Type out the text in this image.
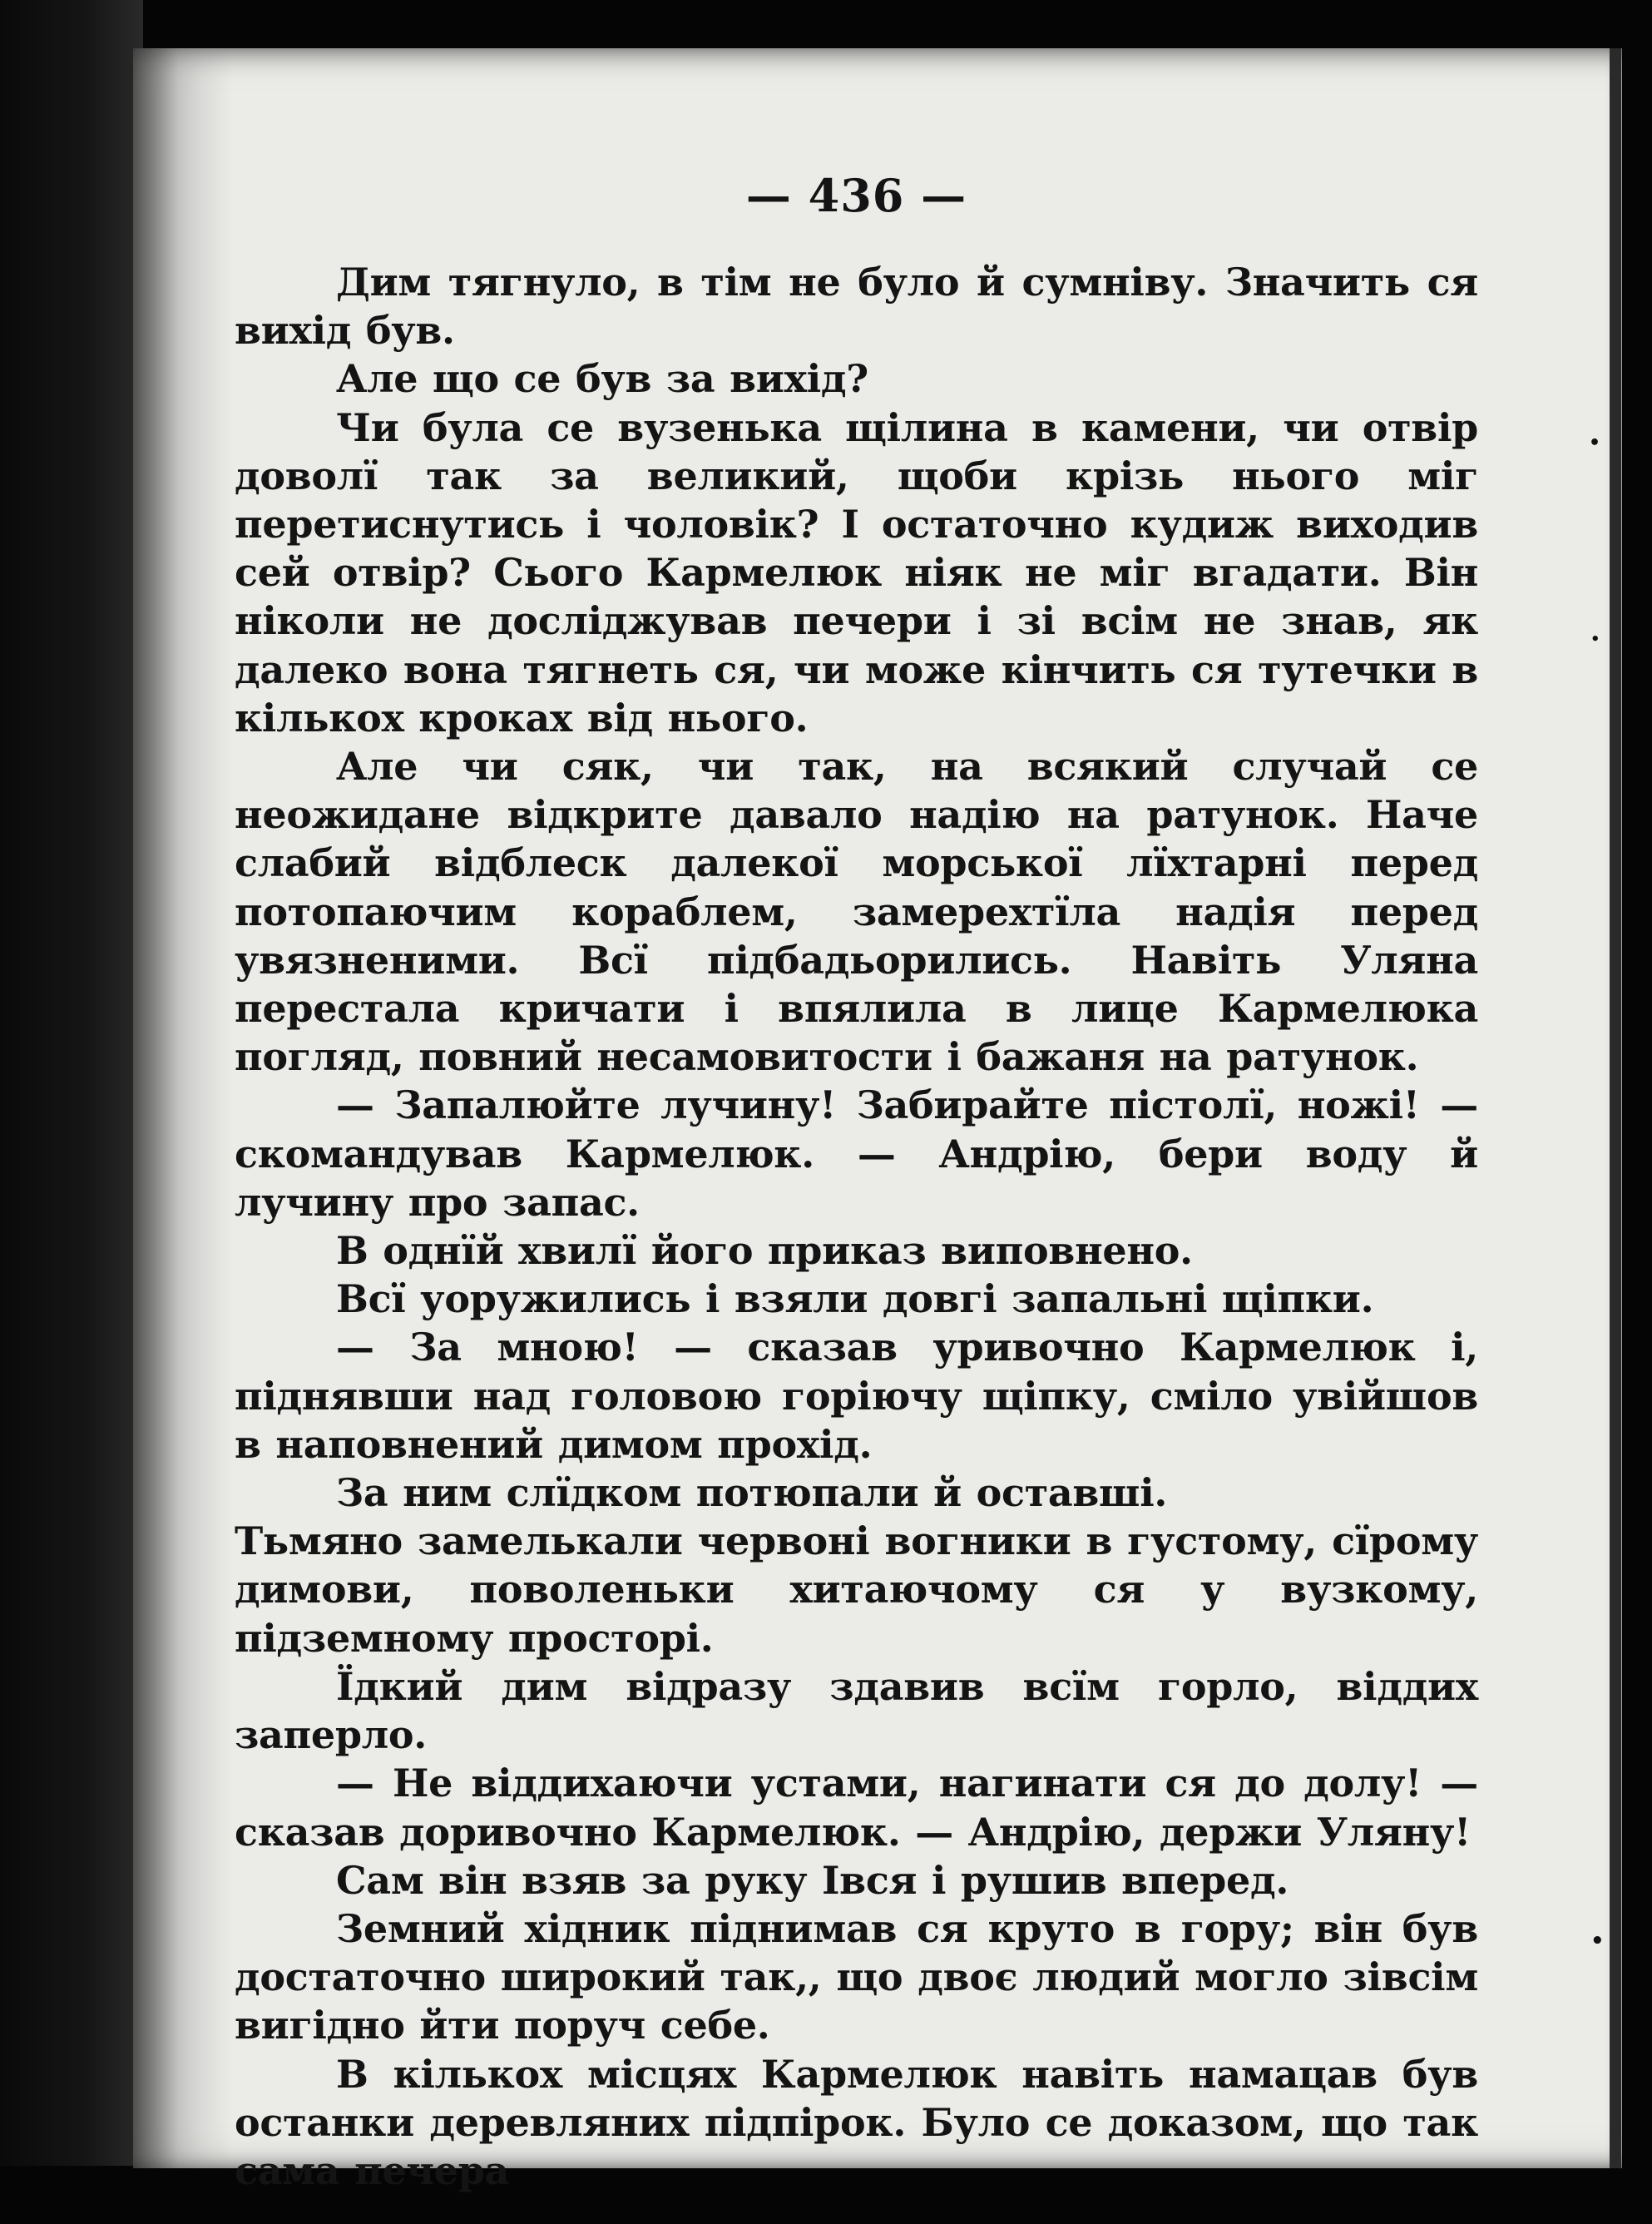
•
•
•
— 436 —

Дим тягнуло, в тім не було й сумніву. Значить ся вихід був.

Але що се був за вихід?

Чи була се вузенька щілина в камени, чи отвір доволї так за великий, щоби крізь нього міг перетиснутись і чоловік? І остаточно кудиж виходив сей отвір? Сього Кармелюк ніяк не міг вгадати. Він ніколи не досліджував печери і зі всім не знав, як далеко вона тягнеть ся, чи може кінчить ся тутечки в кількох кроках від нього.

Але чи сяк, чи так, на всякий случай се неожидане відкрите давало надію на ратунок. Наче слабий відблеск далекої морської лїхтарні перед потопаючим кораблем, замерехтїла надія перед увязненими. Всї підбадьорились. Навіть Уляна перестала кричати і впялила в лице Кармелюка погляд, повний несамовитости і бажаня на ратунок.

— Запалюйте лучину! Забирайте пістолї, ножі! — скомандував Кармелюк. — Андрію, бери воду й лучину про запас.

В однїй хвилї його приказ виповнено.

Всї уоружились і взяли довгі запальні щіпки.

— За мною! — сказав уривочно Кармелюк і, піднявши над головою горіючу щіпку, сміло увійшов в наповнений димом прохід.

За ним слїдком потюпали й оставші.

Тьмяно замелькали червоні вогники в густому, сїрому димови, поволеньки хитаючому ся у вузкому, підземному просторі.

Їдкий дим відразу здавив всїм горло, віддих заперло.

— Не віддихаючи устами, нагинати ся до долу! — сказав доривочно Кармелюк. — Андрію, держи Уляну!

Сам він взяв за руку Івся і рушив вперед.

Земний хідник піднимав ся круто в гору; він був достаточно широкий так,, що двоє людий могло зівсім вигідно йти поруч себе.

В кількох місцях Кармелюк навіть намацав був останки деревляних підпірок. Було се доказом, що так сама печера
